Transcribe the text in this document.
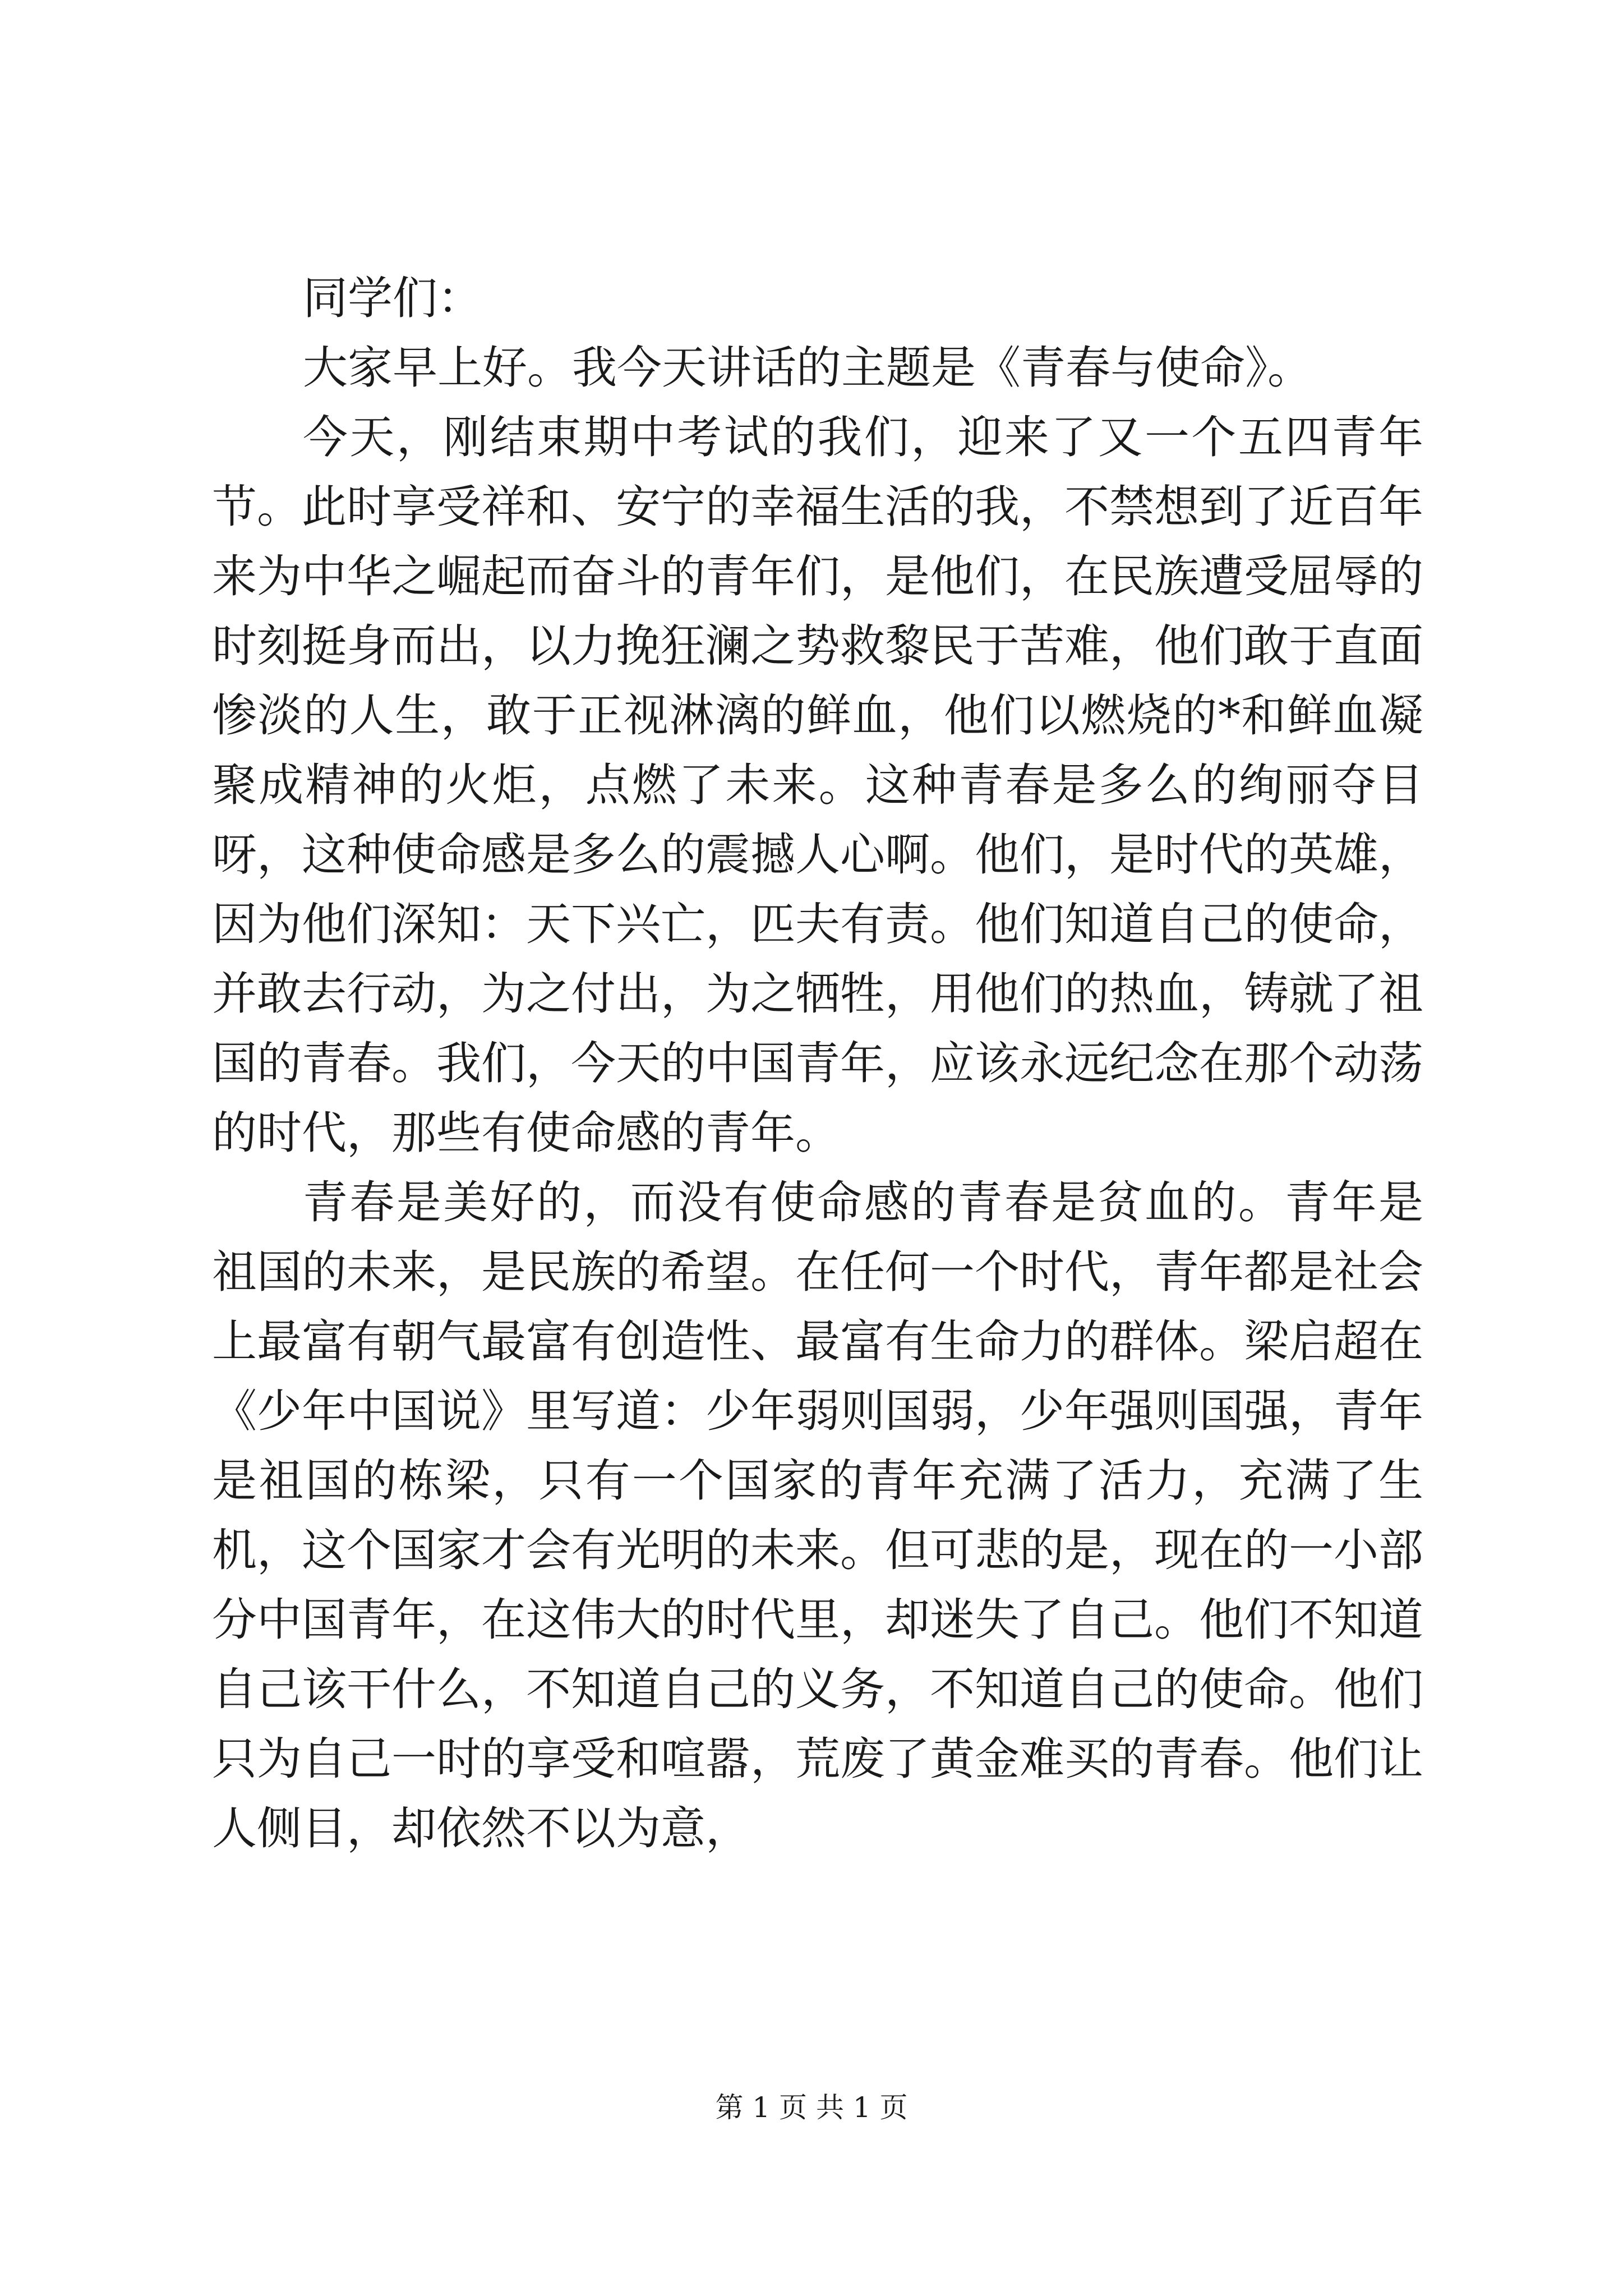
同学们：

大家早上好。我今天讲话的主题是《青春与使命》。

今天，刚结束期中考试的我们，迎来了又一个五四青年节。此时享受祥和、安宁的幸福生活的我，不禁想到了近百年来为中华之崛起而奋斗的青年们，是他们，在民族遭受屈辱的时刻挺身而出，以力挽狂澜之势救黎民于苦难，他们敢于直面惨淡的人生，敢于正视淋漓的鲜血，他们以燃烧的*和鲜血凝聚成精神的火炬，点燃了未来。这种青春是多么的绚丽夺目呀，这种使命感是多么的震撼人心啊。他们，是时代的英雄，因为他们深知：天下兴亡，匹夫有责。他们知道自己的使命，并敢去行动，为之付出，为之牺牲，用他们的热血，铸就了祖国的青春。我们，今天的中国青年，应该永远纪念在那个动荡的时代，那些有使命感的青年。

青春是美好的，而没有使命感的青春是贫血的。青年是祖国的未来，是民族的希望。在任何一个时代，青年都是社会上最富有朝气最富有创造性、最富有生命力的群体。梁启超在《少年中国说》里写道：少年弱则国弱，少年强则国强，青年是祖国的栋梁，只有一个国家的青年充满了活力，充满了生机，这个国家才会有光明的未来。但可悲的是，现在的一小部分中国青年，在这伟大的时代里，却迷失了自己。他们不知道自己该干什么，不知道自己的义务，不知道自己的使命。他们只为自己一时的享受和喧嚣，荒废了黄金难买的青春。他们让人侧目，却依然不以为意，

第 1 页 共 1 页
